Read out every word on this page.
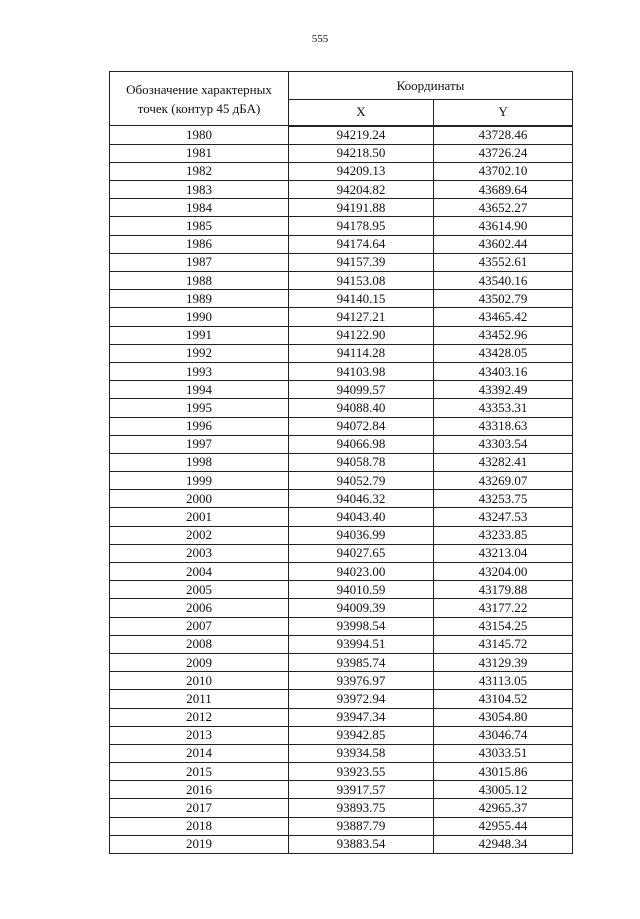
555
Обозначение характерных точек (контур 45 дБА)	Координаты	
	X	Y
1980	94219.24	43728.46
1981	94218.50	43726.24
1982	94209.13	43702.10
1983	94204.82	43689.64
1984	94191.88	43652.27
1985	94178.95	43614.90
1986	94174.64	43602.44
1987	94157.39	43552.61
1988	94153.08	43540.16
1989	94140.15	43502.79
1990	94127.21	43465.42
1991	94122.90	43452.96
1992	94114.28	43428.05
1993	94103.98	43403.16
1994	94099.57	43392.49
1995	94088.40	43353.31
1996	94072.84	43318.63
1997	94066.98	43303.54
1998	94058.78	43282.41
1999	94052.79	43269.07
2000	94046.32	43253.75
2001	94043.40	43247.53
2002	94036.99	43233.85
2003	94027.65	43213.04
2004	94023.00	43204.00
2005	94010.59	43179.88
2006	94009.39	43177.22
2007	93998.54	43154.25
2008	93994.51	43145.72
2009	93985.74	43129.39
2010	93976.97	43113.05
2011	93972.94	43104.52
2012	93947.34	43054.80
2013	93942.85	43046.74
2014	93934.58	43033.51
2015	93923.55	43015.86
2016	93917.57	43005.12
2017	93893.75	42965.37
2018	93887.79	42955.44
2019	93883.54	42948.34
